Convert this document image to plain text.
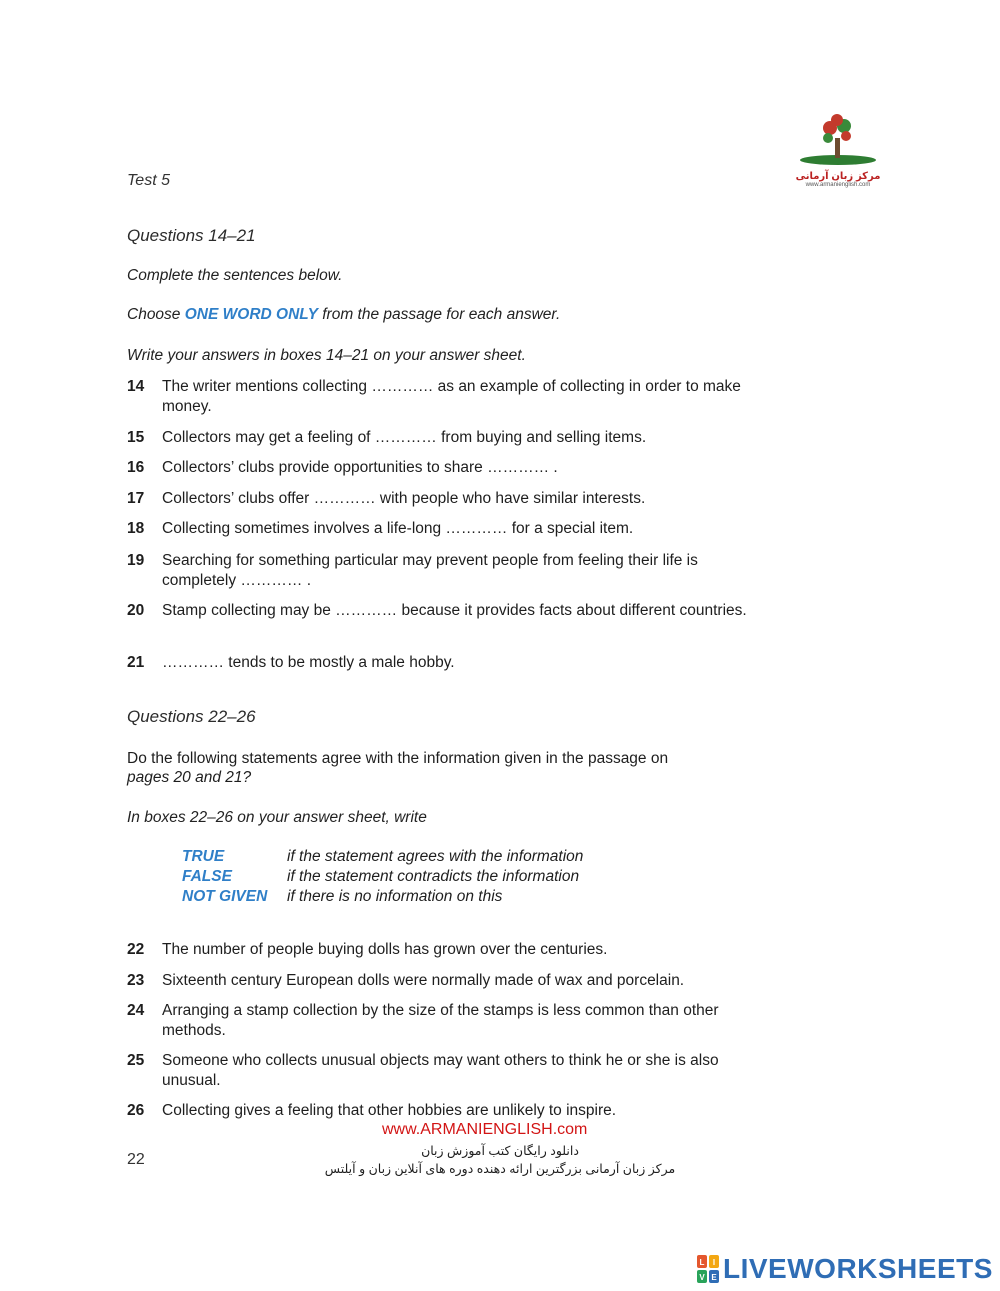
مرکز زبان آرمانی
www.armanienglish.com
Test 5
Questions 14–21
Complete the sentences below.
Choose ONE WORD ONLY from the passage for each answer.
Write your answers in boxes 14–21 on your answer sheet.
14	The writer mentions collecting ………… as an example of collecting in order to make money.
15	Collectors may get a feeling of ………… from buying and selling items.
16	Collectors’ clubs provide opportunities to share ………… .
17	Collectors’ clubs offer ………… with people who have similar interests.
18	Collecting sometimes involves a life-long ………… for a special item.
19	Searching for something particular may prevent people from feeling their life is completely ………… .
20	Stamp collecting may be ………… because it provides facts about different countries.
21	………… tends to be mostly a male hobby.
Questions 22–26
Do the following statements agree with the information given in the passage on
pages 20 and 21?
In boxes 22–26 on your answer sheet, write
TRUE	if the statement agrees with the information
FALSE	if the statement contradicts the information
NOT GIVEN	if there is no information on this
22	The number of people buying dolls has grown over the centuries.
23	Sixteenth century European dolls were normally made of wax and porcelain.
24	Arranging a stamp collection by the size of the stamps is less common than other methods.
25	Someone who collects unusual objects may want others to think he or she is also unusual.
26	Collecting gives a feeling that other hobbies are unlikely to inspire.
www.ARMANIENGLISH.com
دانلود رایگان کتب آموزش زبان
مرکز زبان آرمانی بزرگترین ارائه دهنده دوره های آنلاین زبان و آیلتس
22
L I
V E LIVEWORKSHEETS
